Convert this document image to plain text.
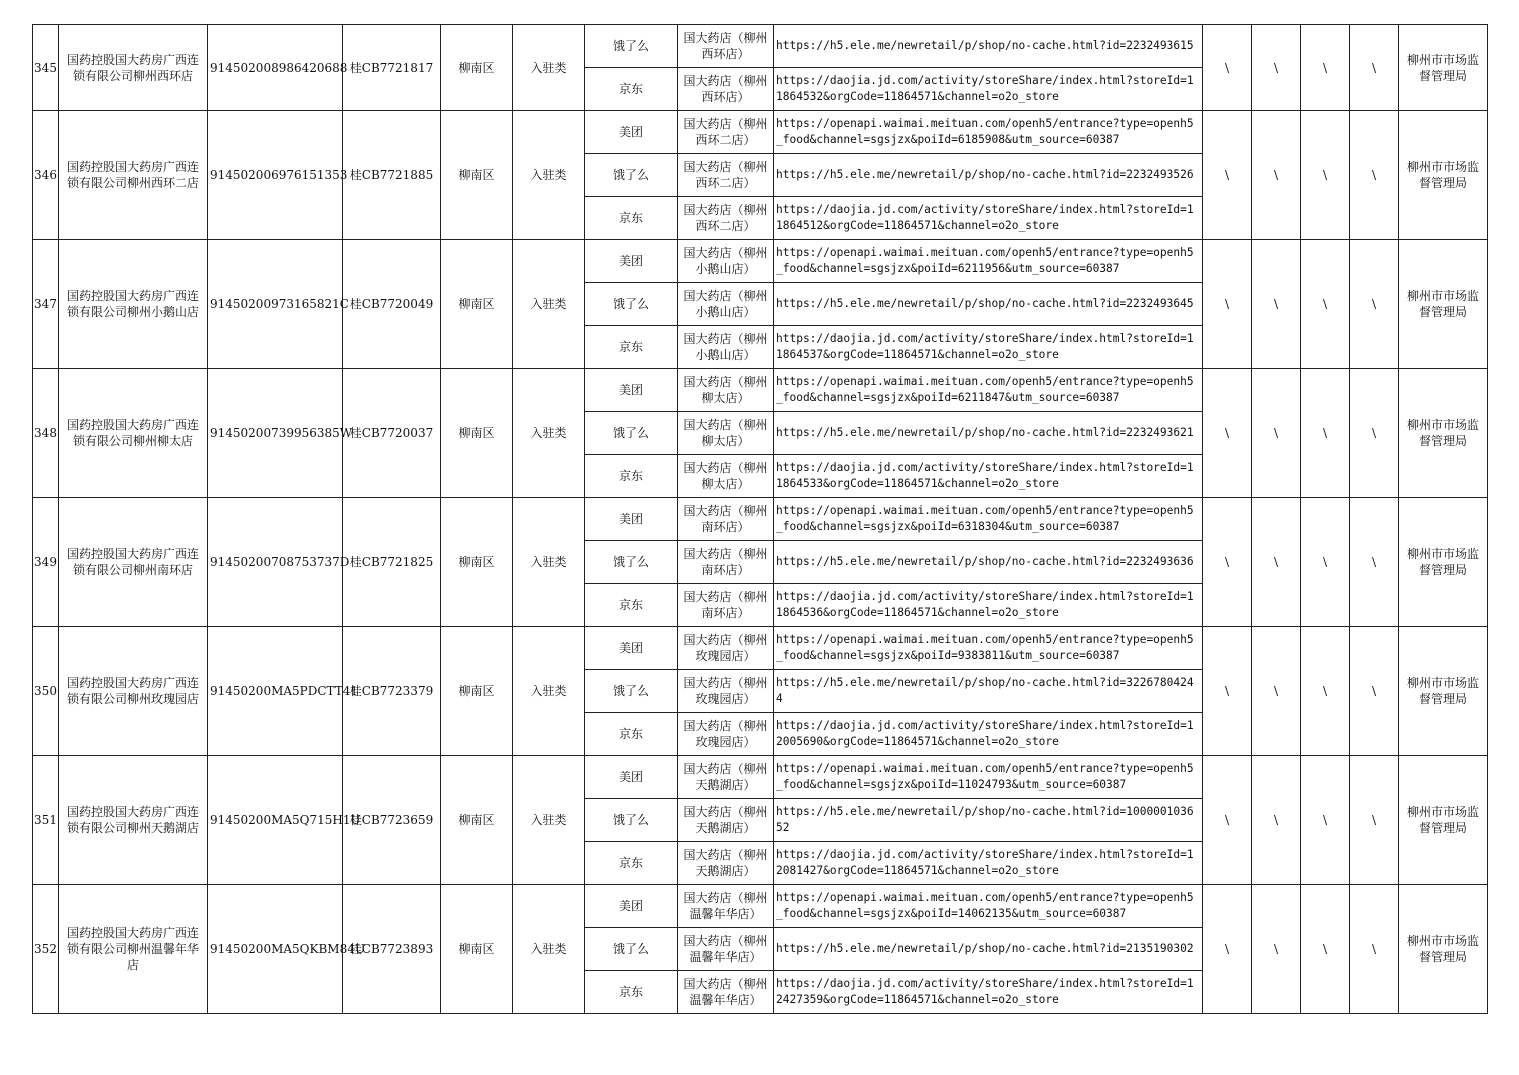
345	国药控股国大药房广西连锁有限公司柳州西环店	914502008986420688	桂CB7721817	柳南区	入驻类	饿了么	国大药店（柳州西环店）	https://h5.ele.me/newretail/p/shop/no-cache.html?id=2232493615	\	\	\	\	柳州市市场监督管理局
						京东	国大药店（柳州西环店）	https://daojia.jd.com/activity/storeShare/index.html?storeId=11864532&orgCode=11864571&channel=o2o_store					
346	国药控股国大药房广西连锁有限公司柳州西环二店	914502006976151353	桂CB7721885	柳南区	入驻类	美团	国大药店（柳州西环二店）	https://openapi.waimai.meituan.com/openh5/entrance?type=openh5_food&channel=sgsjzx&poiId=6185908&utm_source=60387	\	\	\	\	柳州市市场监督管理局
						饿了么	国大药店（柳州西环二店）	https://h5.ele.me/newretail/p/shop/no-cache.html?id=2232493526					
						京东	国大药店（柳州西环二店）	https://daojia.jd.com/activity/storeShare/index.html?storeId=11864512&orgCode=11864571&channel=o2o_store					
347	国药控股国大药房广西连锁有限公司柳州小鹅山店	91450200973165821C	桂CB7720049	柳南区	入驻类	美团	国大药店（柳州小鹅山店）	https://openapi.waimai.meituan.com/openh5/entrance?type=openh5_food&channel=sgsjzx&poiId=6211956&utm_source=60387	\	\	\	\	柳州市市场监督管理局
						饿了么	国大药店（柳州小鹅山店）	https://h5.ele.me/newretail/p/shop/no-cache.html?id=2232493645					
						京东	国大药店（柳州小鹅山店）	https://daojia.jd.com/activity/storeShare/index.html?storeId=11864537&orgCode=11864571&channel=o2o_store					
348	国药控股国大药房广西连锁有限公司柳州柳太店	91450200739956385W	桂CB7720037	柳南区	入驻类	美团	国大药店（柳州柳太店）	https://openapi.waimai.meituan.com/openh5/entrance?type=openh5_food&channel=sgsjzx&poiId=6211847&utm_source=60387	\	\	\	\	柳州市市场监督管理局
						饿了么	国大药店（柳州柳太店）	https://h5.ele.me/newretail/p/shop/no-cache.html?id=2232493621					
						京东	国大药店（柳州柳太店）	https://daojia.jd.com/activity/storeShare/index.html?storeId=11864533&orgCode=11864571&channel=o2o_store					
349	国药控股国大药房广西连锁有限公司柳州南环店	91450200708753737D	桂CB7721825	柳南区	入驻类	美团	国大药店（柳州南环店）	https://openapi.waimai.meituan.com/openh5/entrance?type=openh5_food&channel=sgsjzx&poiId=6318304&utm_source=60387	\	\	\	\	柳州市市场监督管理局
						饿了么	国大药店（柳州南环店）	https://h5.ele.me/newretail/p/shop/no-cache.html?id=2232493636					
						京东	国大药店（柳州南环店）	https://daojia.jd.com/activity/storeShare/index.html?storeId=11864536&orgCode=11864571&channel=o2o_store					
350	国药控股国大药房广西连锁有限公司柳州玫瑰园店	91450200MA5PDCTT41	桂CB7723379	柳南区	入驻类	美团	国大药店（柳州玫瑰园店）	https://openapi.waimai.meituan.com/openh5/entrance?type=openh5_food&channel=sgsjzx&poiId=9383811&utm_source=60387	\	\	\	\	柳州市市场监督管理局
						饿了么	国大药店（柳州玫瑰园店）	https://h5.ele.me/newretail/p/shop/no-cache.html?id=32267804244					
						京东	国大药店（柳州玫瑰园店）	https://daojia.jd.com/activity/storeShare/index.html?storeId=12005690&orgCode=11864571&channel=o2o_store					
351	国药控股国大药房广西连锁有限公司柳州天鹅湖店	91450200MA5Q715H1U	桂CB7723659	柳南区	入驻类	美团	国大药店（柳州天鹅湖店）	https://openapi.waimai.meituan.com/openh5/entrance?type=openh5_food&channel=sgsjzx&poiId=11024793&utm_source=60387	\	\	\	\	柳州市市场监督管理局
						饿了么	国大药店（柳州天鹅湖店）	https://h5.ele.me/newretail/p/shop/no-cache.html?id=100000103652					
						京东	国大药店（柳州天鹅湖店）	https://daojia.jd.com/activity/storeShare/index.html?storeId=12081427&orgCode=11864571&channel=o2o_store					
352	国药控股国大药房广西连锁有限公司柳州温馨年华店	91450200MA5QKBM84U	桂CB7723893	柳南区	入驻类	美团	国大药店（柳州温馨年华店）	https://openapi.waimai.meituan.com/openh5/entrance?type=openh5_food&channel=sgsjzx&poiId=14062135&utm_source=60387	\	\	\	\	柳州市市场监督管理局
						饿了么	国大药店（柳州温馨年华店）	https://h5.ele.me/newretail/p/shop/no-cache.html?id=2135190302					
						京东	国大药店（柳州温馨年华店）	https://daojia.jd.com/activity/storeShare/index.html?storeId=12427359&orgCode=11864571&channel=o2o_store					
